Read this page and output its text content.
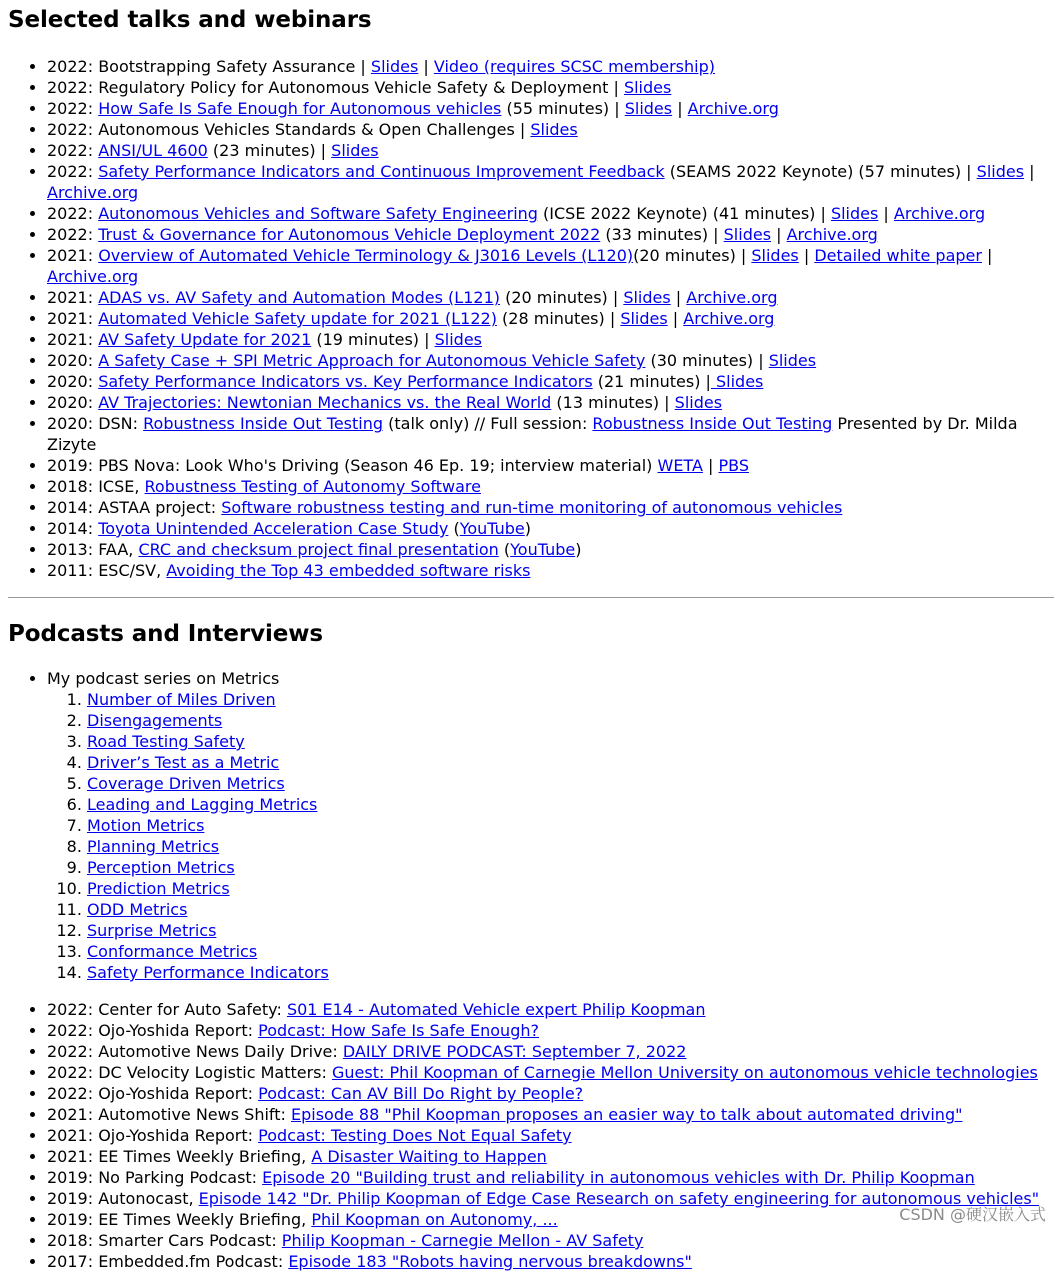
Selected talks and webinars
• 2022: Bootstrapping Safety Assurance | Slides | Video (requires SCSC membership)
• 2022: Regulatory Policy for Autonomous Vehicle Safety & Deployment | Slides
• 2022: How Safe Is Safe Enough for Autonomous vehicles (55 minutes) | Slides | Archive.org
• 2022: Autonomous Vehicles Standards & Open Challenges | Slides
• 2022: ANSI/UL 4600 (23 minutes) | Slides
• 2022: Safety Performance Indicators and Continuous Improvement Feedback (SEAMS 2022 Keynote) (57 minutes) | Slides | Archive.org
• 2022: Autonomous Vehicles and Software Safety Engineering (ICSE 2022 Keynote) (41 minutes) | Slides | Archive.org
• 2022: Trust & Governance for Autonomous Vehicle Deployment 2022 (33 minutes) | Slides | Archive.org
• 2021: Overview of Automated Vehicle Terminology & J3016 Levels (L120)(20 minutes) | Slides | Detailed white paper | Archive.org
• 2021: ADAS vs. AV Safety and Automation Modes (L121) (20 minutes) | Slides | Archive.org
• 2021: Automated Vehicle Safety update for 2021 (L122) (28 minutes) | Slides | Archive.org
• 2021: AV Safety Update for 2021 (19 minutes) | Slides
• 2020: A Safety Case + SPI Metric Approach for Autonomous Vehicle Safety (30 minutes) | Slides
• 2020: Safety Performance Indicators vs. Key Performance Indicators (21 minutes) | Slides
• 2020: AV Trajectories: Newtonian Mechanics vs. the Real World (13 minutes) | Slides
• 2020: DSN: Robustness Inside Out Testing (talk only) // Full session: Robustness Inside Out Testing Presented by Dr. Milda Zizyte
• 2019: PBS Nova: Look Who's Driving (Season 46 Ep. 19; interview material) WETA | PBS
• 2018: ICSE, Robustness Testing of Autonomy Software
• 2014: ASTAA project: Software robustness testing and run-time monitoring of autonomous vehicles
• 2014: Toyota Unintended Acceleration Case Study (YouTube)
• 2013: FAA, CRC and checksum project final presentation (YouTube)
• 2011: ESC/SV, Avoiding the Top 43 embedded software risks
Podcasts and Interviews
• My podcast series on Metrics
1. Number of Miles Driven
2. Disengagements
3. Road Testing Safety
4. Driver’s Test as a Metric
5. Coverage Driven Metrics
6. Leading and Lagging Metrics
7. Motion Metrics
8. Planning Metrics
9. Perception Metrics
10. Prediction Metrics
11. ODD Metrics
12. Surprise Metrics
13. Conformance Metrics
14. Safety Performance Indicators
• 2022: Center for Auto Safety: S01 E14 - Automated Vehicle expert Philip Koopman
• 2022: Ojo-Yoshida Report: Podcast: How Safe Is Safe Enough?
• 2022: Automotive News Daily Drive: DAILY DRIVE PODCAST: September 7, 2022
• 2022: DC Velocity Logistic Matters: Guest: Phil Koopman of Carnegie Mellon University on autonomous vehicle technologies
• 2022: Ojo-Yoshida Report: Podcast: Can AV Bill Do Right by People?
• 2021: Automotive News Shift: Episode 88 "Phil Koopman proposes an easier way to talk about automated driving"
• 2021: Ojo-Yoshida Report: Podcast: Testing Does Not Equal Safety
• 2021: EE Times Weekly Briefing, A Disaster Waiting to Happen
• 2019: No Parking Podcast: Episode 20 "Building trust and reliability in autonomous vehicles with Dr. Philip Koopman
• 2019: Autonocast, Episode 142 "Dr. Philip Koopman of Edge Case Research on safety engineering for autonomous vehicles"
• 2019: EE Times Weekly Briefing, Phil Koopman on Autonomy, ...
• 2018: Smarter Cars Podcast: Philip Koopman - Carnegie Mellon - AV Safety
• 2017: Embedded.fm Podcast: Episode 183 "Robots having nervous breakdowns"
CSDN @硬汉嵌入式
